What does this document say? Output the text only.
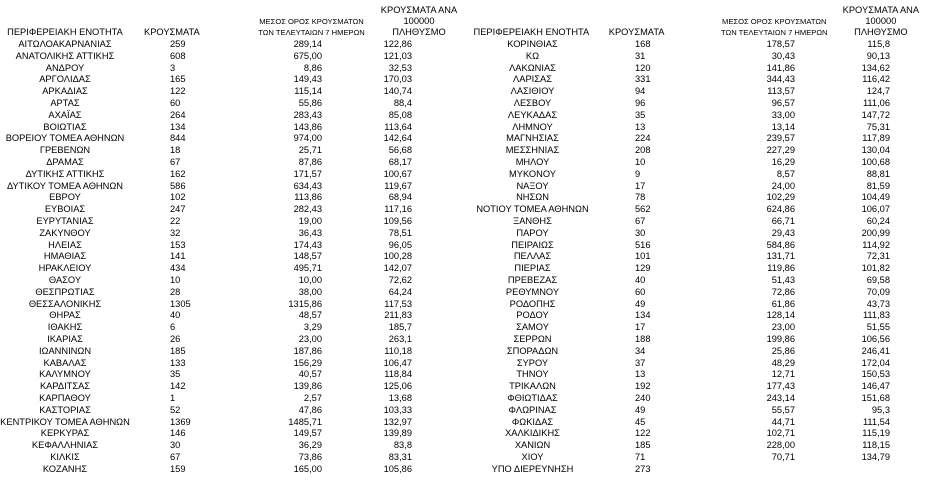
ΠΕΡΙΦΕΡΕΙΑΚΗ ΕΝΟΤΗΤΑ	ΚΡΟΥΣΜΑΤΑ
ΜΕΣΟΣ ΟΡΟΣ ΚΡΟΥΣΜΑΤΩΝ
ΤΩΝ ΤΕΛΕΥΤΑΙΩΝ 7 ΗΜΕΡΩΝ
ΚΡΟΥΣΜΑΤΑ ΑΝΑ 100000
ΠΛΗΘΥΣΜΟ
ΑΙΤΩΛΟΑΚΑΡΝΑΝΙΑΣ	259	289,14	122,86
ΑΝΑΤΟΛΙΚΗΣ ΑΤΤΙΚΗΣ	608	675,00	121,03
ΑΝΔΡΟΥ	3	8,86	32,53
ΑΡΓΟΛΙΔΑΣ	165	149,43	170,03
ΑΡΚΑΔΙΑΣ	122	115,14	140,74
ΑΡΤΑΣ	60	55,86	88,4
ΑΧΑΪΑΣ	264	283,43	85,08
ΒΟΙΩΤΙΑΣ	134	143,86	113,64
ΒΟΡΕΙΟΥ ΤΟΜΕΑ ΑΘΗΝΩΝ	844	974,00	142,64
ΓΡΕΒΕΝΩΝ	18	25,71	56,68
ΔΡΑΜΑΣ	67	87,86	68,17
ΔΥΤΙΚΗΣ ΑΤΤΙΚΗΣ	162	171,57	100,67
ΔΥΤΙΚΟΥ ΤΟΜΕΑ ΑΘΗΝΩΝ	586	634,43	119,67
ΕΒΡΟΥ	102	113,86	68,94
ΕΥΒΟΙΑΣ	247	282,43	117,16
ΕΥΡΥΤΑΝΙΑΣ	22	19,00	109,56
ΖΑΚΥΝΘΟΥ	32	36,43	78,51
ΗΛΕΙΑΣ	153	174,43	96,05
ΗΜΑΘΙΑΣ	141	148,57	100,28
ΗΡΑΚΛΕΙΟΥ	434	495,71	142,07
ΘΑΣΟΥ	10	10,00	72,62
ΘΕΣΠΡΩΤΙΑΣ	28	38,00	64,24
ΘΕΣΣΑΛΟΝΙΚΗΣ	1305	1315,86	117,53
ΘΗΡΑΣ	40	48,57	211,83
ΙΘΑΚΗΣ	6	3,29	185,7
ΙΚΑΡΙΑΣ	26	23,00	263,1
ΙΩΑΝΝΙΝΩΝ	185	187,86	110,18
ΚΑΒΑΛΑΣ	133	156,29	106,47
ΚΑΛΥΜΝΟΥ	35	40,57	118,84
ΚΑΡΔΙΤΣΑΣ	142	139,86	125,06
ΚΑΡΠΑΘΟΥ	1	2,57	13,68
ΚΑΣΤΟΡΙΑΣ	52	47,86	103,33
ΚΕΝΤΡΙΚΟΥ ΤΟΜΕΑ ΑΘΗΝΩΝ	1369	1485,71	132,97
ΚΕΡΚΥΡΑΣ	146	149,57	139,89
ΚΕΦΑΛΛΗΝΙΑΣ	30	36,29	83,8
ΚΙΛΚΙΣ	67	73,86	83,31
ΚΟΖΑΝΗΣ	159	165,00	105,86
ΠΕΡΙΦΕΡΕΙΑΚΗ ΕΝΟΤΗΤΑ	ΚΡΟΥΣΜΑΤΑ
ΜΕΣΟΣ ΟΡΟΣ ΚΡΟΥΣΜΑΤΩΝ
ΤΩΝ ΤΕΛΕΥΤΑΙΩΝ 7 ΗΜΕΡΩΝ
ΚΡΟΥΣΜΑΤΑ ΑΝΑ 100000
ΠΛΗΘΥΣΜΟ
ΚΟΡΙΝΘΙΑΣ	168	178,57	115,8
ΚΩ	31	30,43	90,13
ΛΑΚΩΝΙΑΣ	120	141,86	134,62
ΛΑΡΙΣΑΣ	331	344,43	116,42
ΛΑΣΙΘΙΟΥ	94	113,57	124,7
ΛΕΣΒΟΥ	96	96,57	111,06
ΛΕΥΚΑΔΑΣ	35	33,00	147,72
ΛΗΜΝΟΥ	13	13,14	75,31
ΜΑΓΝΗΣΙΑΣ	224	239,57	117,89
ΜΕΣΣΗΝΙΑΣ	208	227,29	130,04
ΜΗΛΟΥ	10	16,29	100,68
ΜΥΚΟΝΟΥ	9	8,57	88,81
ΝΑΞΟΥ	17	24,00	81,59
ΝΗΣΩΝ	78	102,29	104,49
ΝΟΤΙΟΥ ΤΟΜΕΑ ΑΘΗΝΩΝ	562	624,86	106,07
ΞΑΝΘΗΣ	67	66,71	60,24
ΠΑΡΟΥ	30	29,43	200,99
ΠΕΙΡΑΙΩΣ	516	584,86	114,92
ΠΕΛΛΑΣ	101	131,71	72,31
ΠΙΕΡΙΑΣ	129	119,86	101,82
ΠΡΕΒΕΖΑΣ	40	51,43	69,58
ΡΕΘΥΜΝΟΥ	60	72,86	70,09
ΡΟΔΟΠΗΣ	49	61,86	43,73
ΡΟΔΟΥ	134	128,14	111,83
ΣΑΜΟΥ	17	23,00	51,55
ΣΕΡΡΩΝ	188	199,86	106,56
ΣΠΟΡΑΔΩΝ	34	25,86	246,41
ΣΥΡΟΥ	37	48,29	172,04
ΤΗΝΟΥ	13	12,71	150,53
ΤΡΙΚΑΛΩΝ	192	177,43	146,47
ΦΘΙΩΤΙΔΑΣ	240	243,14	151,68
ΦΛΩΡΙΝΑΣ	49	55,57	95,3
ΦΩΚΙΔΑΣ	45	44,71	111,54
ΧΑΛΚΙΔΙΚΗΣ	122	102,71	115,19
ΧΑΝΙΩΝ	185	228,00	118,15
ΧΙΟΥ	71	70,71	134,79
ΥΠΟ ΔΙΕΡΕΥΝΗΣΗ	273
